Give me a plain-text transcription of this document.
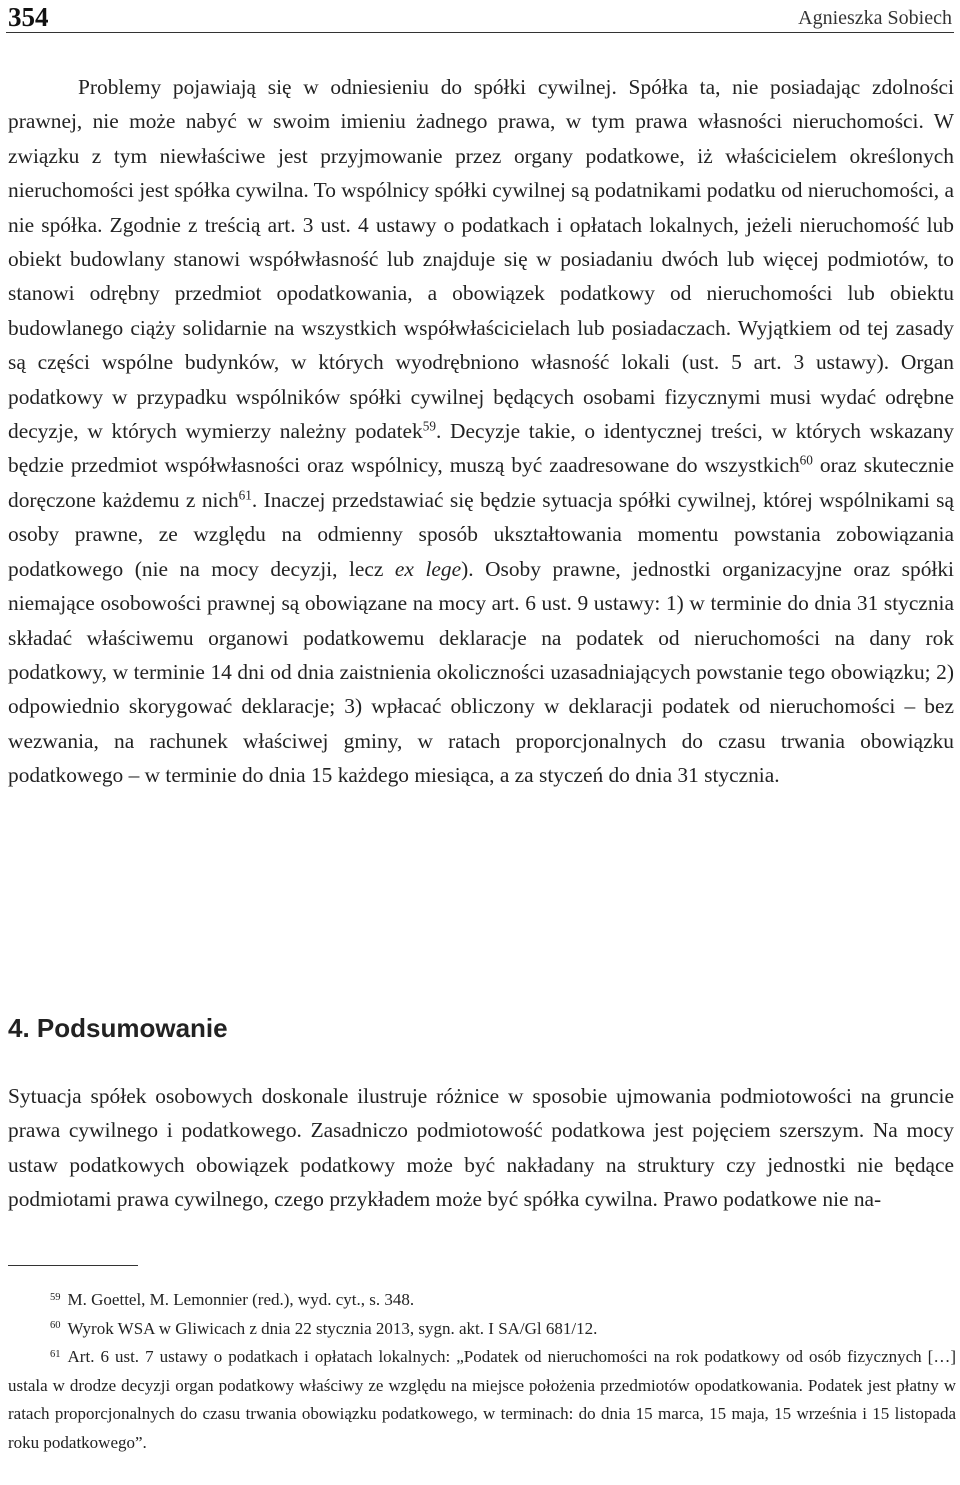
354	Agnieszka Sobiech

Problemy pojawiają się w odniesieniu do spółki cywilnej. Spółka ta, nie posiadając zdolności prawnej, nie może nabyć w swoim imieniu żadnego prawa, w tym prawa własności nieruchomości. W związku z tym niewłaściwe jest przyjmowanie przez organy podatkowe, iż właścicielem określonych nieruchomości jest spółka cywilna. To wspólnicy spółki cywilnej są podatnikami podatku od nieruchomości, a nie spółka. Zgodnie z treścią art. 3 ust. 4 ustawy o podatkach i opłatach lokalnych, jeżeli nieruchomość lub obiekt budowlany stanowi współwłasność lub znajduje się w posiadaniu dwóch lub więcej podmiotów, to stanowi odrębny przedmiot opodatkowania, a obowiązek podatkowy od nieruchomości lub obiektu budowlanego ciąży solidarnie na wszystkich współwłaścicielach lub posiadaczach. Wyjątkiem od tej zasady są części wspólne budynków, w których wyodrębniono własność lokali (ust. 5 art. 3 ustawy). Organ podatkowy w przypadku wspólników spółki cywilnej będących osobami fizycznymi musi wydać odrębne decyzje, w których wymierzy należny podatek$^{59}$. Decyzje takie, o identycznej treści, w których wskazany będzie przedmiot współwłasności oraz wspólnicy, muszą być zaadresowane do wszystkich$^{60}$ oraz skutecznie doręczone każdemu z nich$^{61}$. Inaczej przedstawiać się będzie sytuacja spółki cywilnej, której wspólnikami są osoby prawne, ze względu na odmienny sposób ukształtowania momentu powstania zobowiązania podatkowego (nie na mocy decyzji, lecz ex lege). Osoby prawne, jednostki organizacyjne oraz spółki niemające osobowości prawnej są obowiązane na mocy art. 6 ust. 9 ustawy: 1) w terminie do dnia 31 stycznia składać właściwemu organowi podatkowemu deklaracje na podatek od nieruchomości na dany rok podatkowy, w terminie 14 dni od dnia zaistnienia okoliczności uzasadniających powstanie tego obowiązku; 2) odpowiednio skorygować deklaracje; 3) wpłacać obliczony w deklaracji podatek od nieruchomości – bez wezwania, na rachunek właściwej gminy, w ratach proporcjonalnych do czasu trwania obowiązku podatkowego – w terminie do dnia 15 każdego miesiąca, a za styczeń do dnia 31 stycznia.

4. Podsumowanie

Sytuacja spółek osobowych doskonale ilustruje różnice w sposobie ujmowania podmiotowości na gruncie prawa cywilnego i podatkowego. Zasadniczo podmiotowość podatkowa jest pojęciem szerszym. Na mocy ustaw podatkowych obowiązek podatkowy może być nakładany na struktury czy jednostki nie będące podmiotami prawa cywilnego, czego przykładem może być spółka cywilna. Prawo podatkowe nie na-

$^{59}$ M. Goettel, M. Lemonnier (red.), wyd. cyt., s. 348.

$^{60}$ Wyrok WSA w Gliwicach z dnia 22 stycznia 2013, sygn. akt. I SA/Gl 681/12.

$^{61}$ Art. 6 ust. 7 ustawy o podatkach i opłatach lokalnych: „Podatek od nieruchomości na rok podatkowy od osób fizycznych […] ustala w drodze decyzji organ podatkowy właściwy ze względu na miejsce położenia przedmiotów opodatkowania. Podatek jest płatny w ratach proporcjonalnych do czasu trwania obowiązku podatkowego, w terminach: do dnia 15 marca, 15 maja, 15 września i 15 listopada roku podatkowego”.
